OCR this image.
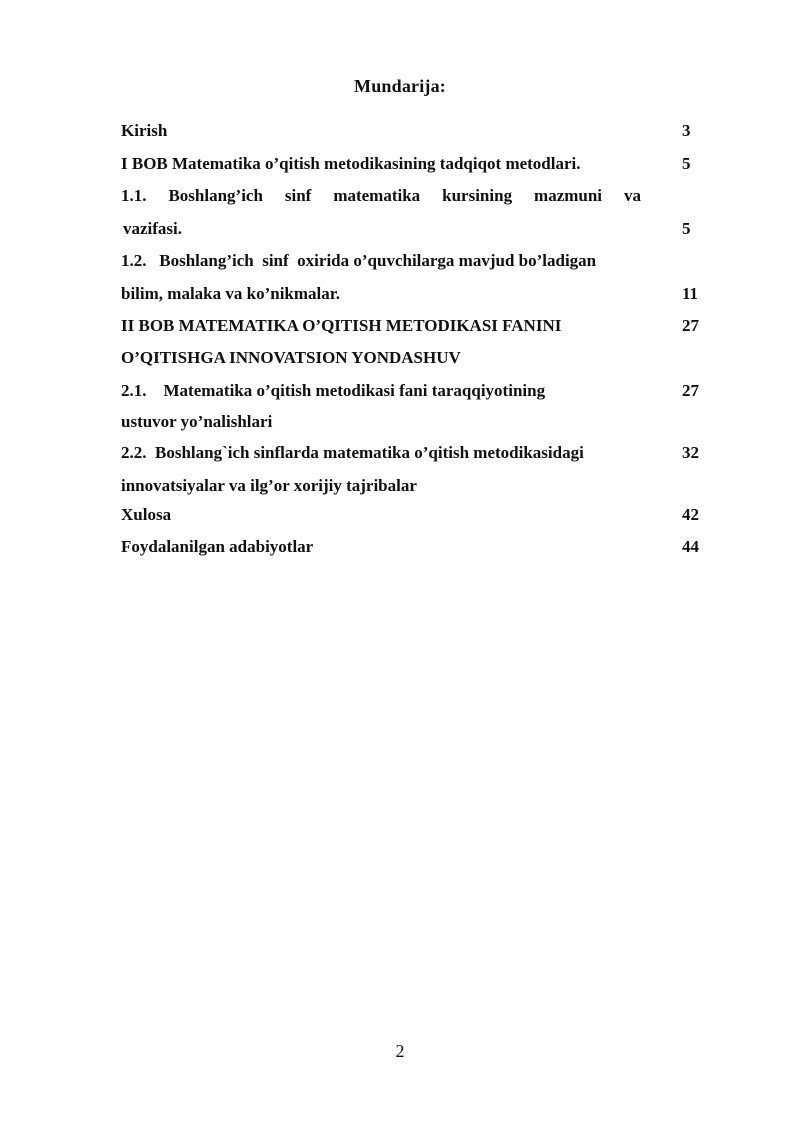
Mundarija:
Kirish	3
I BOB Matematika o’qitish metodikasining tadqiqot metodlari.	5
1.1. Boshlang’ich sinf matematika kursining mazmuni va
vazifasi.	5
1.2.   Boshlang’ich  sinf  oxirida o’quvchilarga mavjud bo’ladigan
bilim, malaka va ko’nikmalar.	11
II BOB MATEMATIKA O’QITISH METODIKASI FANINI	27
O’QITISHGA INNOVATSION YONDASHUV
2.1.    Matematika o’qitish metodikasi fani taraqqiyotining	27
ustuvor yo’nalishlari
2.2.  Boshlang`ich sinflarda matematika o’qitish metodikasidagi	32
innovatsiyalar va ilg’or xorijiy tajribalar
Xulosa	42
Foydalanilgan adabiyotlar	44
2
